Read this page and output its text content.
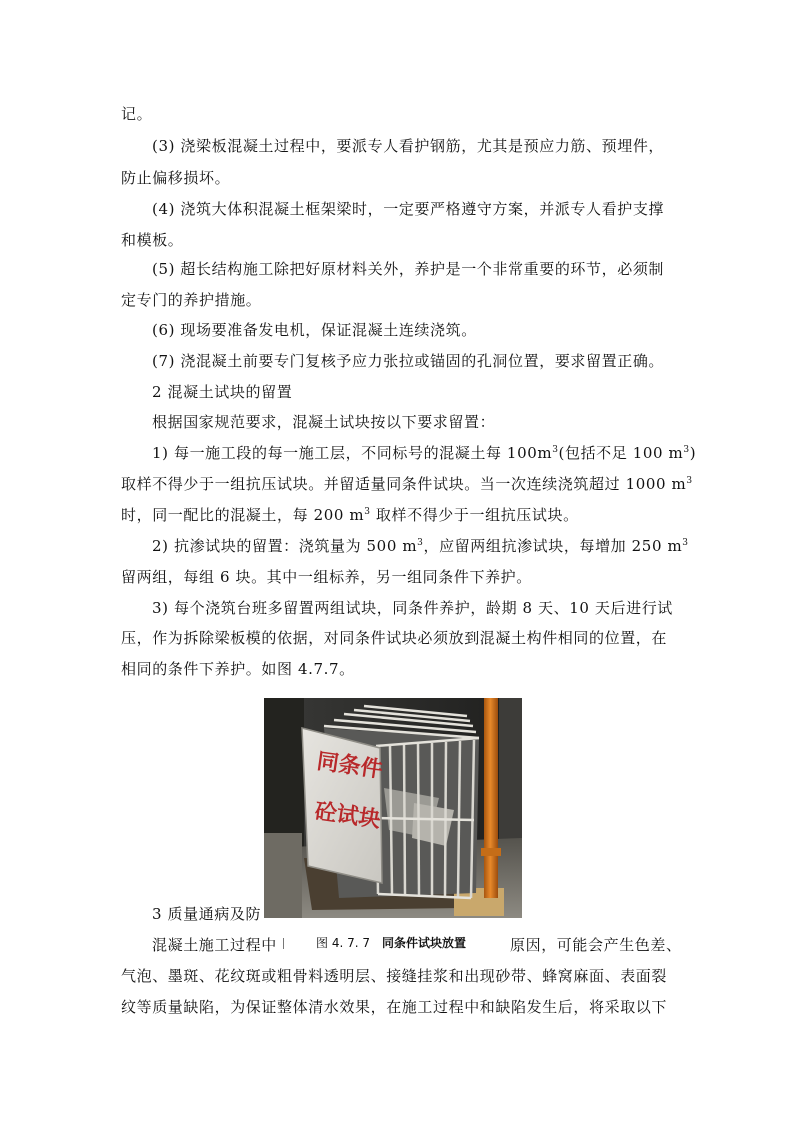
记。
(3) 浇梁板混凝土过程中，要派专人看护钢筋，尤其是预应力筋、预埋件，
防止偏移损坏。
(4) 浇筑大体积混凝土框架梁时，一定要严格遵守方案，并派专人看护支撑
和模板。
(5) 超长结构施工除把好原材料关外，养护是一个非常重要的环节，必须制
定专门的养护措施。
(6) 现场要准备发电机，保证混凝土连续浇筑。
(7) 浇混凝土前要专门复核予应力张拉或锚固的孔洞位置，要求留置正确。
2 混凝土试块的留置
根据国家规范要求，混凝土试块按以下要求留置：
1) 每一施工段的每一施工层，不同标号的混凝土每 $100m^3$(包括不足 100 $m^3$)
取样不得少于一组抗压试块。并留适量同条件试块。当一次连续浇筑超过 1000 $m^3$
时，同一配比的混凝土，每 200 $m^3$ 取样不得少于一组抗压试块。
2) 抗渗试块的留置：浇筑量为 500 $m^3$，应留两组抗渗试块，每增加 250 $m^3$
留两组，每组 6 块。其中一组标养，另一组同条件下养护。
3) 每个浇筑台班多留置两组试块，同条件养护，龄期 8 天、10 天后进行试
压，作为拆除梁板模的依据，对同条件试块必须放到混凝土构件相同的位置，在
相同的条件下养护。如图 4.7.7。
3 质量通病及防
混凝土施工过程中	原因，可能会产生色差、
气泡、墨斑、花纹斑或粗骨料透明层、接缝挂浆和出现砂带、蜂窝麻面、表面裂
纹等质量缺陷，为保证整体清水效果，在施工过程中和缺陷发生后，将采取以下
同条件
砼试块
图 4. 7. 7 同条件试块放置
